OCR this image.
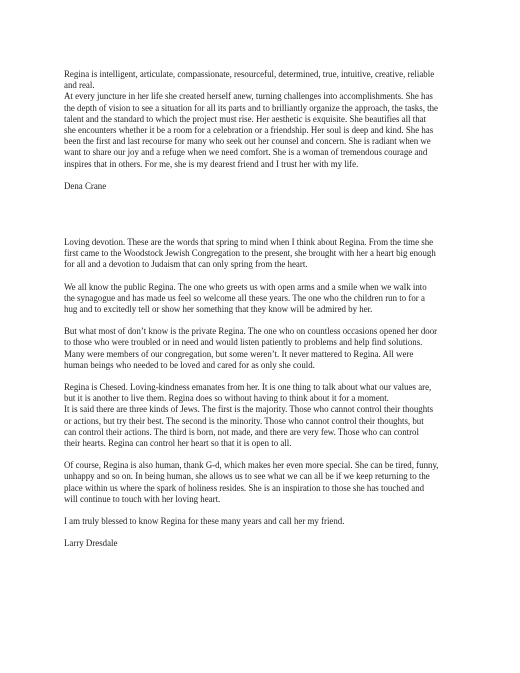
Regina is intelligent, articulate, compassionate, resourceful, determined, true, intuitive, creative, reliable
and real.
At every juncture in her life she created herself anew, turning challenges into accomplishments. She has
the depth of vision to see a situation for all its parts and to brilliantly organize the approach, the tasks, the
talent and the standard to which the project must rise. Her aesthetic is exquisite. She beautifies all that
she encounters whether it be a room for a celebration or a friendship. Her soul is deep and kind. She has
been the first and last recourse for many who seek out her counsel and concern. She is radiant when we
want to share our joy and a refuge when we need comfort. She is a woman of tremendous courage and
inspires that in others. For me, she is my dearest friend and I trust her with my life.

Dena Crane

Loving devotion. These are the words that spring to mind when I think about Regina. From the time she
first came to the Woodstock Jewish Congregation to the present, she brought with her a heart big enough
for all and a devotion to Judaism that can only spring from the heart.

We all know the public Regina. The one who greets us with open arms and a smile when we walk into
the synagogue and has made us feel so welcome all these years. The one who the children run to for a
hug and to excitedly tell or show her something that they know will be admired by her.

But what most of don’t know is the private Regina. The one who on countless occasions opened her door
to those who were troubled or in need and would listen patiently to problems and help find solutions.
Many were members of our congregation, but some weren’t. It never mattered to Regina. All were
human beings who needed to be loved and cared for as only she could.

Regina is Chesed. Loving-kindness emanates from her. It is one thing to talk about what our values are,
but it is another to live them. Regina does so without having to think about it for a moment.
It is said there are three kinds of Jews. The first is the majority. Those who cannot control their thoughts
or actions, but try their best. The second is the minority. Those who cannot control their thoughts, but
can control their actions. The third is born, not made, and there are very few. Those who can control
their hearts. Regina can control her heart so that it is open to all.

Of course, Regina is also human, thank G-d, which makes her even more special. She can be tired, funny,
unhappy and so on. In being human, she allows us to see what we can all be if we keep returning to the
place within us where the spark of holiness resides. She is an inspiration to those she has touched and
will continue to touch with her loving heart.

I am truly blessed to know Regina for these many years and call her my friend.

Larry Dresdale
